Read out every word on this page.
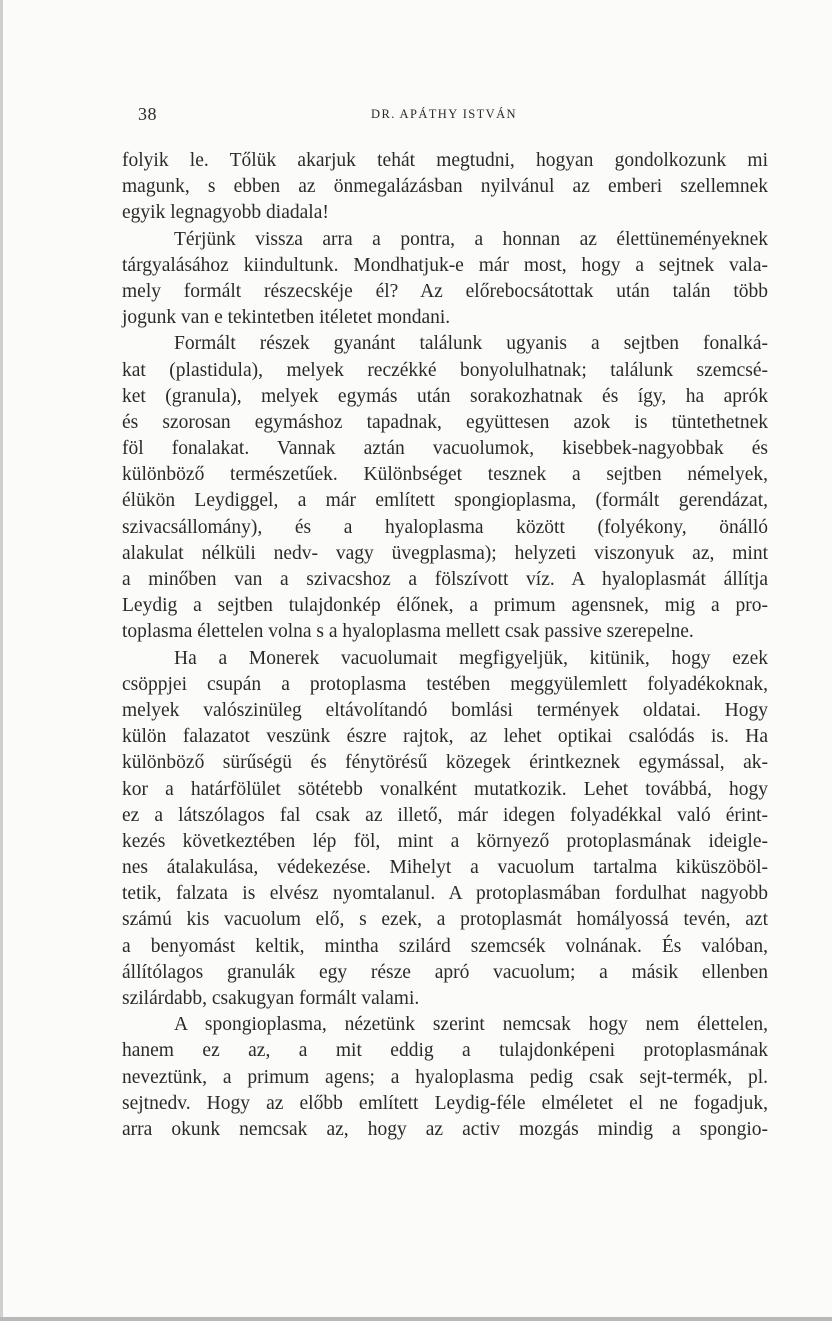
38	DR. APÁTHY ISTVÁN
folyik le. Tőlük akarjuk tehát megtudni, hogyan gondolkozunk mi
magunk, s ebben az önmegalázásban nyilvánul az emberi szellemnek
egyik legnagyobb diadala!
Térjünk vissza arra a pontra, a honnan az élettüneményeknek
tárgyalásához kiindultunk. Mondhatjuk-e már most, hogy a sejtnek vala-
mely formált részecskéje él? Az előrebocsátottak után talán több
jogunk van e tekintetben itéletet mondani.
Formált részek gyanánt találunk ugyanis a sejtben fonalká-
kat (plastidula), melyek reczékké bonyolulhatnak; találunk szemcsé-
ket (granula), melyek egymás után sorakozhatnak és így, ha aprók
és szorosan egymáshoz tapadnak, együttesen azok is tüntethetnek
föl fonalakat. Vannak aztán vacuolumok, kisebbek-nagyobbak és
különböző természetűek. Különbséget tesznek a sejtben némelyek,
élükön Leydiggel, a már említett spongioplasma, (formált gerendázat,
szivacsállomány), és a hyaloplasma között (folyékony, önálló
alakulat nélküli nedv- vagy üvegplasma); helyzeti viszonyuk az, mint
a minőben van a szivacshoz a fölszívott víz. A hyaloplasmát állítja
Leydig a sejtben tulajdonkép élőnek, a primum agensnek, mig a pro-
toplasma élettelen volna s a hyaloplasma mellett csak passive szerepelne.
Ha a Monerek vacuolumait megfigyeljük, kitünik, hogy ezek
csöppjei csupán a protoplasma testében meggyülemlett folyadékoknak,
melyek valószinüleg eltávolítandó bomlási termények oldatai. Hogy
külön falazatot veszünk észre rajtok, az lehet optikai csalódás is. Ha
különböző sürűségü és fénytörésű közegek érintkeznek egymással, ak-
kor a határfölület sötétebb vonalként mutatkozik. Lehet továbbá, hogy
ez a látszólagos fal csak az illető, már idegen folyadékkal való érint-
kezés következtében lép föl, mint a környező protoplasmának ideigle-
nes átalakulása, védekezése. Mihelyt a vacuolum tartalma kiküszöböl-
tetik, falzata is elvész nyomtalanul. A protoplasmában fordulhat nagyobb
számú kis vacuolum elő, s ezek, a protoplasmát homályossá tevén, azt
a benyomást keltik, mintha szilárd szemcsék volnának. És valóban,
állítólagos granulák egy része apró vacuolum; a másik ellenben
szilárdabb, csakugyan formált valami.
A spongioplasma, nézetünk szerint nemcsak hogy nem élettelen,
hanem ez az, a mit eddig a tulajdonképeni protoplasmának
neveztünk, a primum agens; a hyaloplasma pedig csak sejt-termék, pl.
sejtnedv. Hogy az előbb említett Leydig-féle elméletet el ne fogadjuk,
arra okunk nemcsak az, hogy az activ mozgás mindig a spongio-
